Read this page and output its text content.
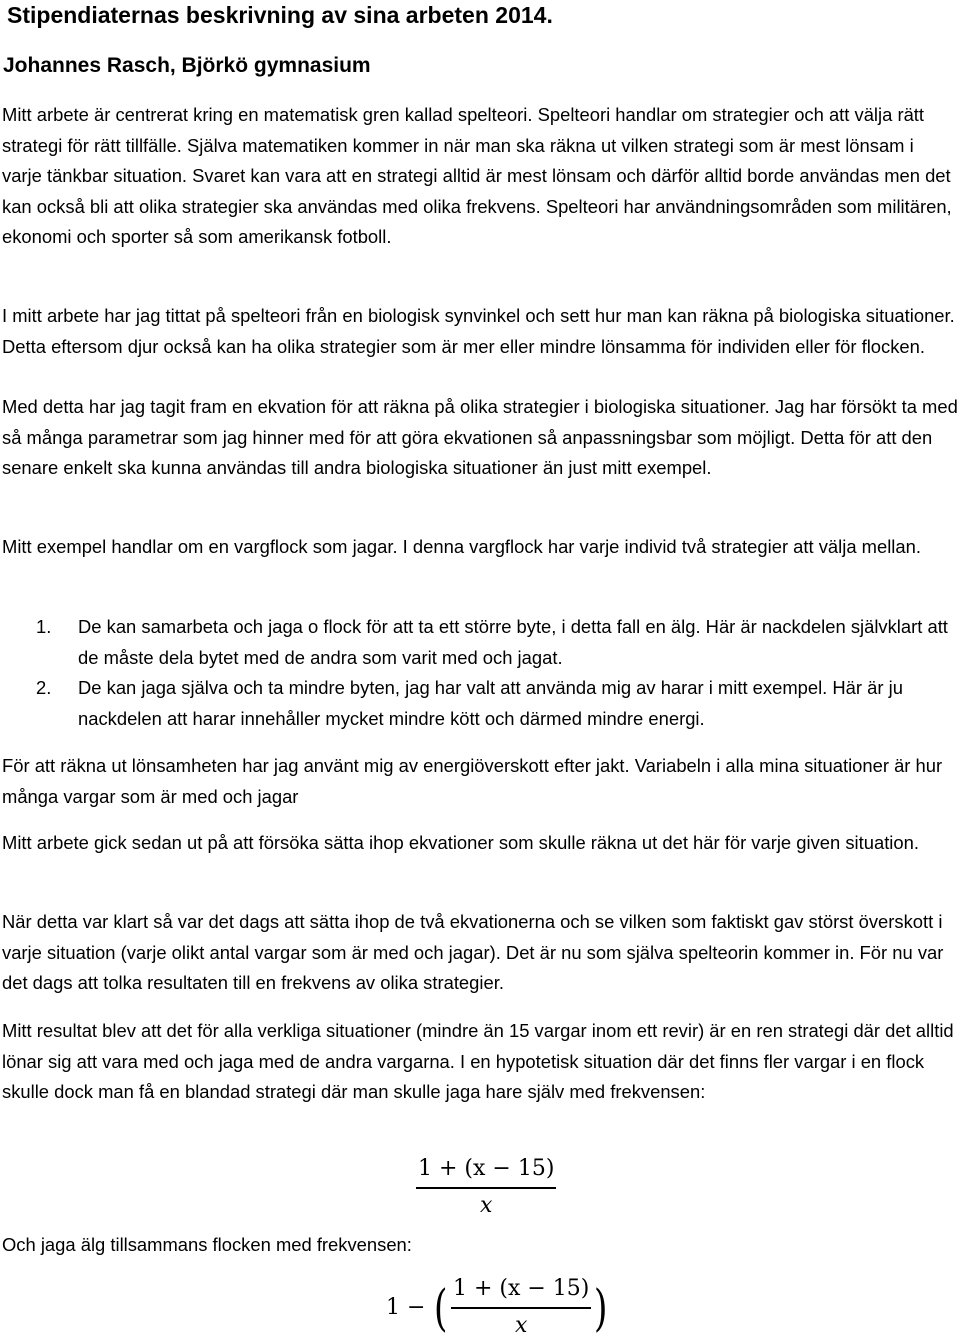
Stipendiaternas beskrivning av sina arbeten 2014.
Johannes Rasch, Björkö gymnasium

Mitt arbete är centrerat kring en matematisk gren kallad spelteori. Spelteori handlar om strategier och att välja rätt strategi för rätt tillfälle. Själva matematiken kommer in när man ska räkna ut vilken strategi som är mest lönsam i varje tänkbar situation. Svaret kan vara att en strategi alltid är mest lönsam och därför alltid borde användas men det kan också bli att olika strategier ska användas med olika frekvens. Spelteori har användningsområden som militären, ekonomi och sporter så som amerikansk fotboll.

I mitt arbete har jag tittat på spelteori från en biologisk synvinkel och sett hur man kan räkna på biologiska situationer. Detta eftersom djur också kan ha olika strategier som är mer eller mindre lönsamma för individen eller för flocken.

Med detta har jag tagit fram en ekvation för att räkna på olika strategier i biologiska situationer. Jag har försökt ta med så många parametrar som jag hinner med för att göra ekvationen så anpassningsbar som möjligt. Detta för att den senare enkelt ska kunna användas till andra biologiska situationer än just mitt exempel.

Mitt exempel handlar om en vargflock som jagar. I denna vargflock har varje individ två strategier att välja mellan.

1. De kan samarbeta och jaga o flock för att ta ett större byte, i detta fall en älg. Här är nackdelen självklart att de måste dela bytet med de andra som varit med och jagat.
2. De kan jaga själva och ta mindre byten, jag har valt att använda mig av harar i mitt exempel. Här är ju nackdelen att harar innehåller mycket mindre kött och därmed mindre energi.

För att räkna ut lönsamheten har jag använt mig av energiöverskott efter jakt. Variabeln i alla mina situationer är hur många vargar som är med och jagar

Mitt arbete gick sedan ut på att försöka sätta ihop ekvationer som skulle räkna ut det här för varje given situation.

När detta var klart så var det dags att sätta ihop de två ekvationerna och se vilken som faktiskt gav störst överskott i varje situation (varje olikt antal vargar som är med och jagar). Det är nu som själva spelteorin kommer in. För nu var det dags att tolka resultaten till en frekvens av olika strategier.

Mitt resultat blev att det för alla verkliga situationer (mindre än 15 vargar inom ett revir) är en ren strategi där det alltid lönar sig att vara med och jaga med de andra vargarna. I en hypotetisk situation där det finns fler vargar i en flock skulle dock man få en blandad strategi där man skulle jaga hare själv med frekvensen:

1 + (x − 15)
x

Och jaga älg tillsammans flocken med frekvensen:

1 − ( $\frac{1 + (x - 15)}{x}$ )
